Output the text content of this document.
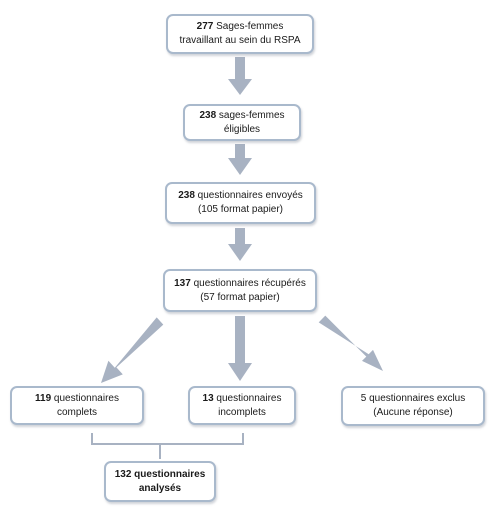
277 Sages-femmes
travaillant au sein du RSPA
238 sages-femmes
éligibles
238 questionnaires envoyés
(105 format papier)
137 questionnaires récupérés
(57 format papier)
119 questionnaires
complets
13 questionnaires
incomplets
5 questionnaires exclus
(Aucune réponse)
132 questionnaires
analysés
